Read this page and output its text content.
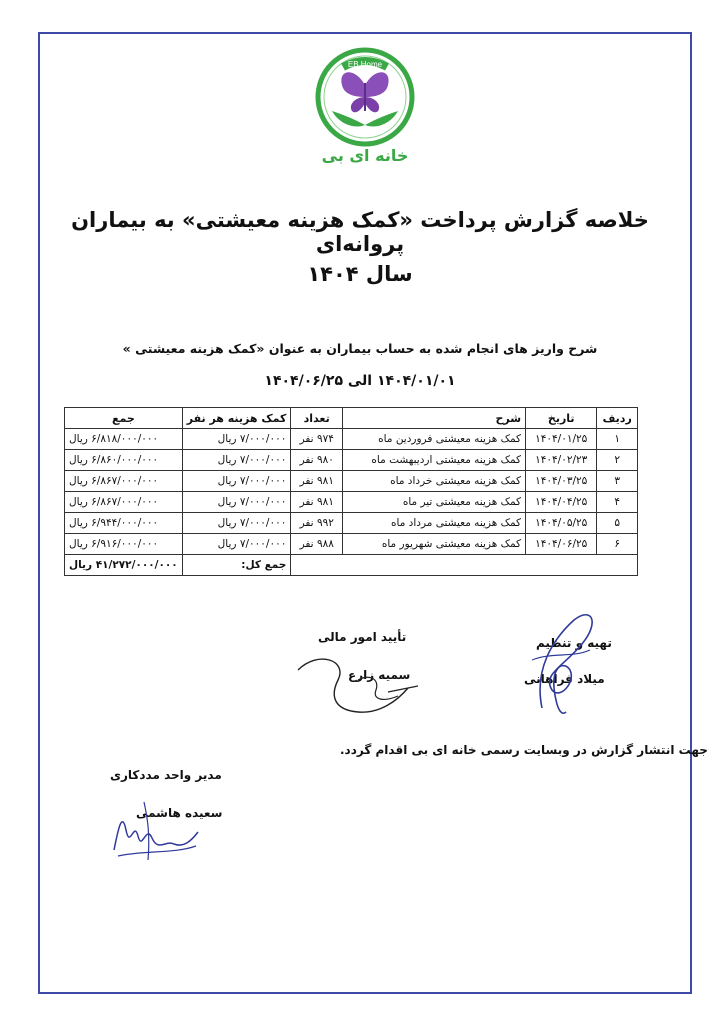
EB Home
خانه ای بی
خلاصه گزارش پرداخت «کمک هزینه معیشتی» به بیماران پروانه‌ای
سال ۱۴۰۴
شرح واریز های انجام شده به حساب بیماران به عنوان «کمک هزینه معیشتی »
۱۴۰۴/۰۱/۰۱ الی ۱۴۰۴/۰۶/۲۵
ردیف	تاریخ	شرح	تعداد	کمک هزینه هر نفر	جمع
۱	۱۴۰۴/۰۱/۲۵	کمک هزینه معیشتی فروردین ماه	۹۷۴ نفر	۷/۰۰۰/۰۰۰ ریال	۶/۸۱۸/۰۰۰/۰۰۰ ریال
۲	۱۴۰۴/۰۲/۲۳	کمک هزینه معیشتی اردیبهشت ماه	۹۸۰ نفر	۷/۰۰۰/۰۰۰ ریال	۶/۸۶۰/۰۰۰/۰۰۰ ریال
۳	۱۴۰۴/۰۳/۲۵	کمک هزینه معیشتی خرداد ماه	۹۸۱ نفر	۷/۰۰۰/۰۰۰ ریال	۶/۸۶۷/۰۰۰/۰۰۰ ریال
۴	۱۴۰۴/۰۴/۲۵	کمک هزینه معیشتی تیر ماه	۹۸۱ نفر	۷/۰۰۰/۰۰۰ ریال	۶/۸۶۷/۰۰۰/۰۰۰ ریال
۵	۱۴۰۴/۰۵/۲۵	کمک هزینه معیشتی مرداد ماه	۹۹۲ نفر	۷/۰۰۰/۰۰۰ ریال	۶/۹۴۴/۰۰۰/۰۰۰ ریال
۶	۱۴۰۴/۰۶/۲۵	کمک هزینه معیشتی شهریور ماه	۹۸۸ نفر	۷/۰۰۰/۰۰۰ ریال	۶/۹۱۶/۰۰۰/۰۰۰ ریال
				جمع کل:	۴۱/۲۷۲/۰۰۰/۰۰۰ ریال
تهیه و تنظیم
میلاد فراهانی
تأیید امور مالی
سمیه زارع
جهت انتشار گزارش در وبسایت رسمی خانه ای بی اقدام گردد.
مدیر واحد مددکاری
سعیده هاشمی
